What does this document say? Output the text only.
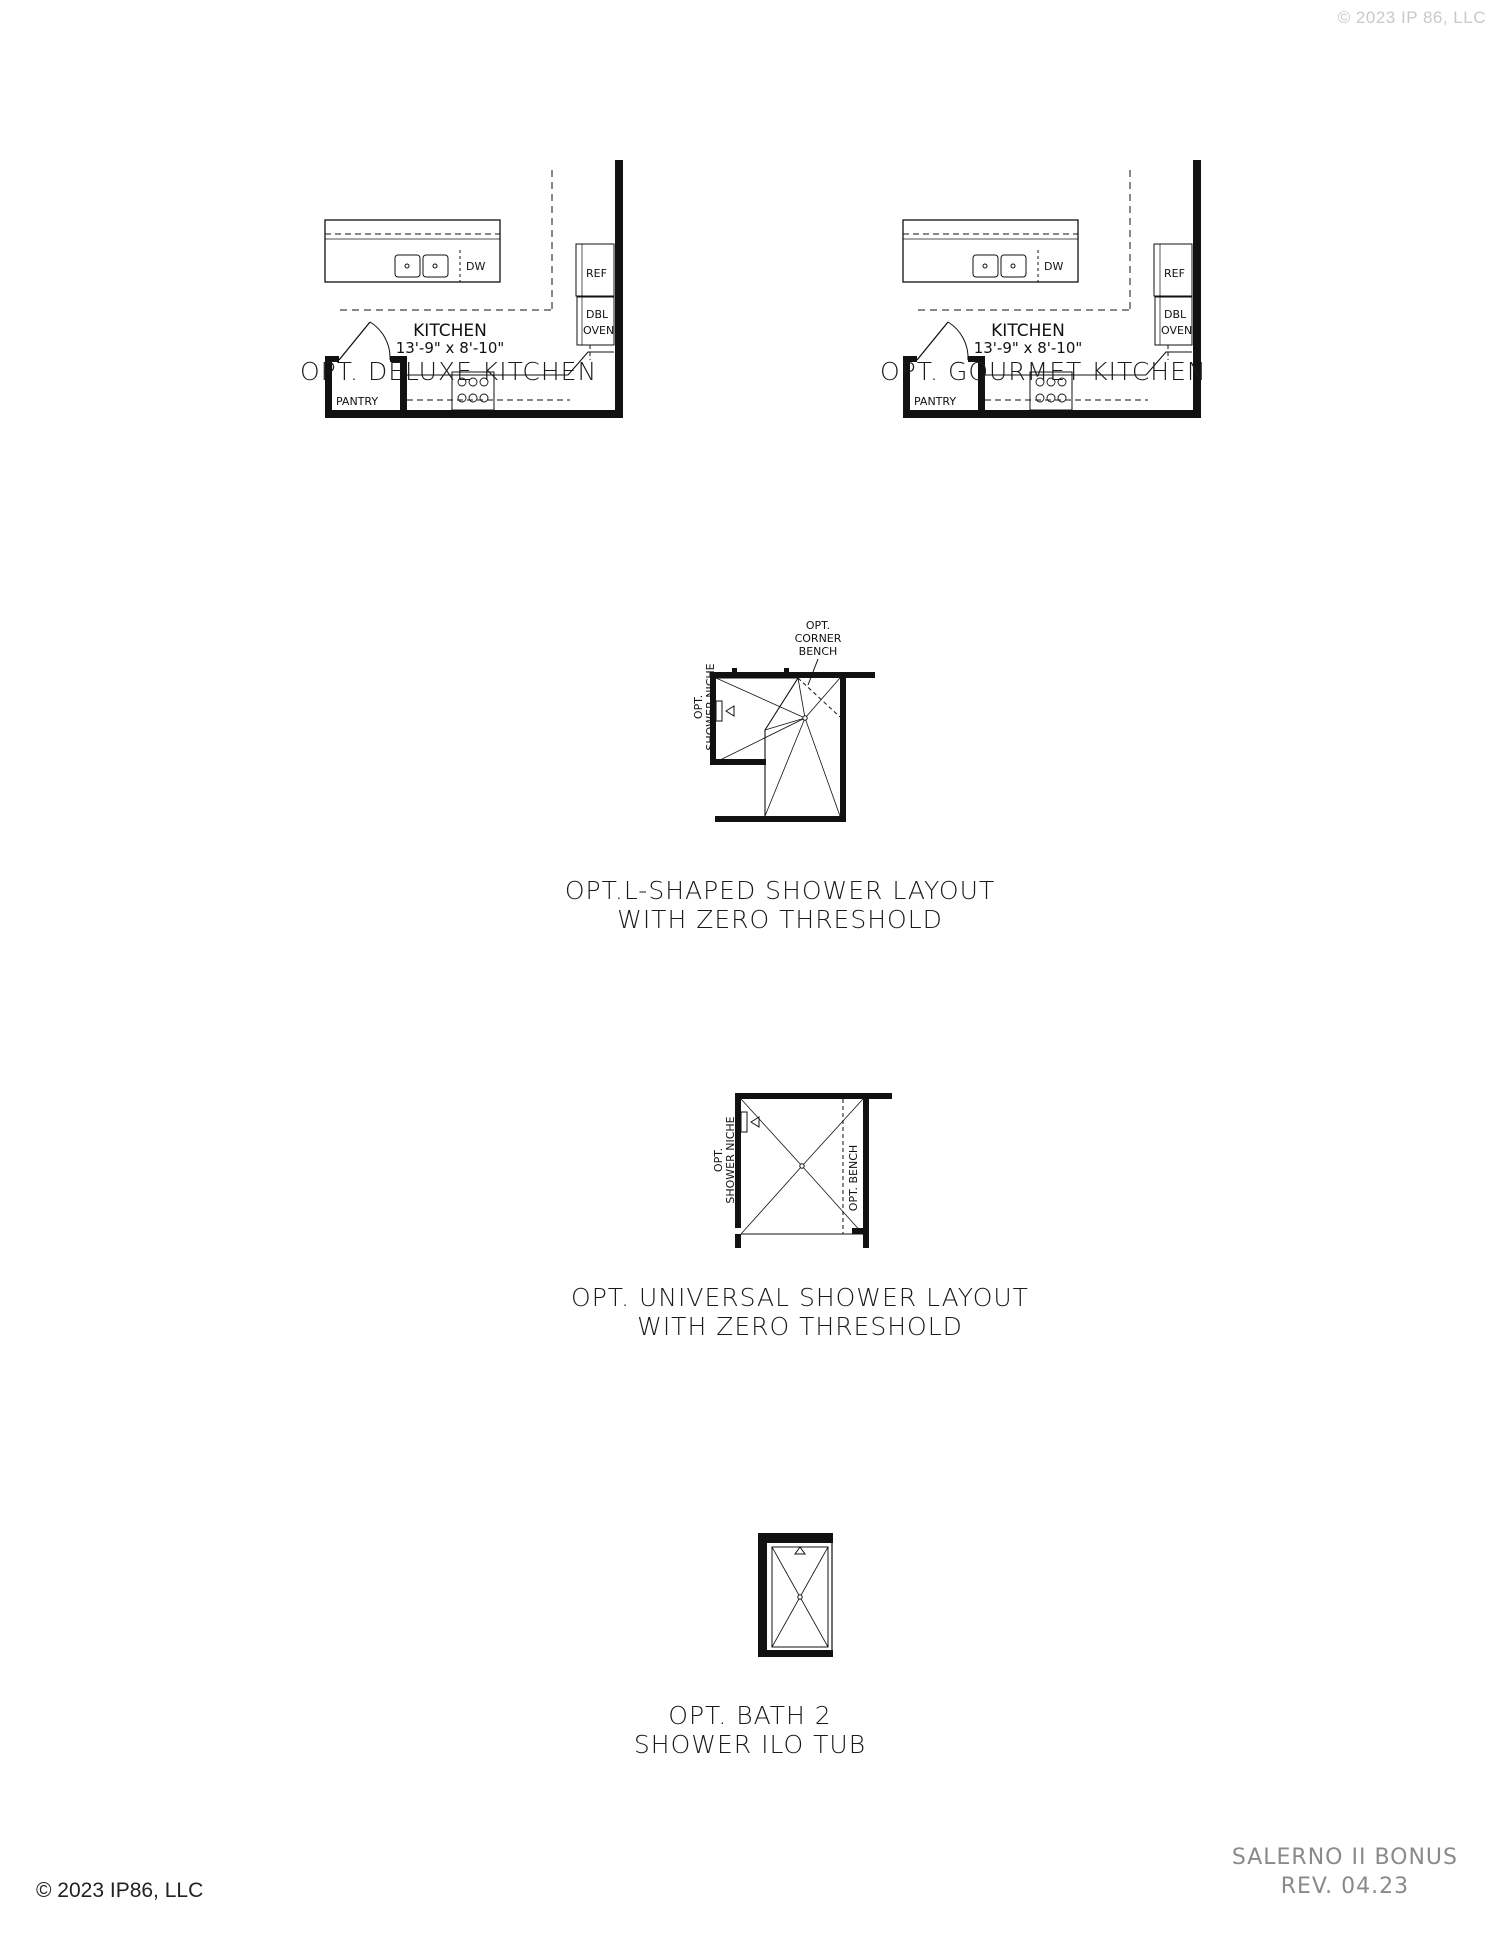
© 2023 IP 86, LLC
DW
REF
DBL
OVEN
KITCHEN
13'-9" x 8'-10"
PANTRY
OPT. DELUXE KITCHEN
DW
REF
DBL
OVEN
KITCHEN
13'-9" x 8'-10"
PANTRY
OPT. GOURMET KITCHEN
OPT.
CORNER
BENCH
OPT. SHOWER NICHE
OPT.L-SHAPED SHOWER LAYOUT
WITH ZERO THRESHOLD
OPT. SHOWER NICHE	OPT. BENCH
OPT. UNIVERSAL SHOWER LAYOUT
WITH ZERO THRESHOLD
OPT. BATH 2
SHOWER ILO TUB
© 2023 IP86, LLC
SALERNO II BONUS
REV. 04.23
